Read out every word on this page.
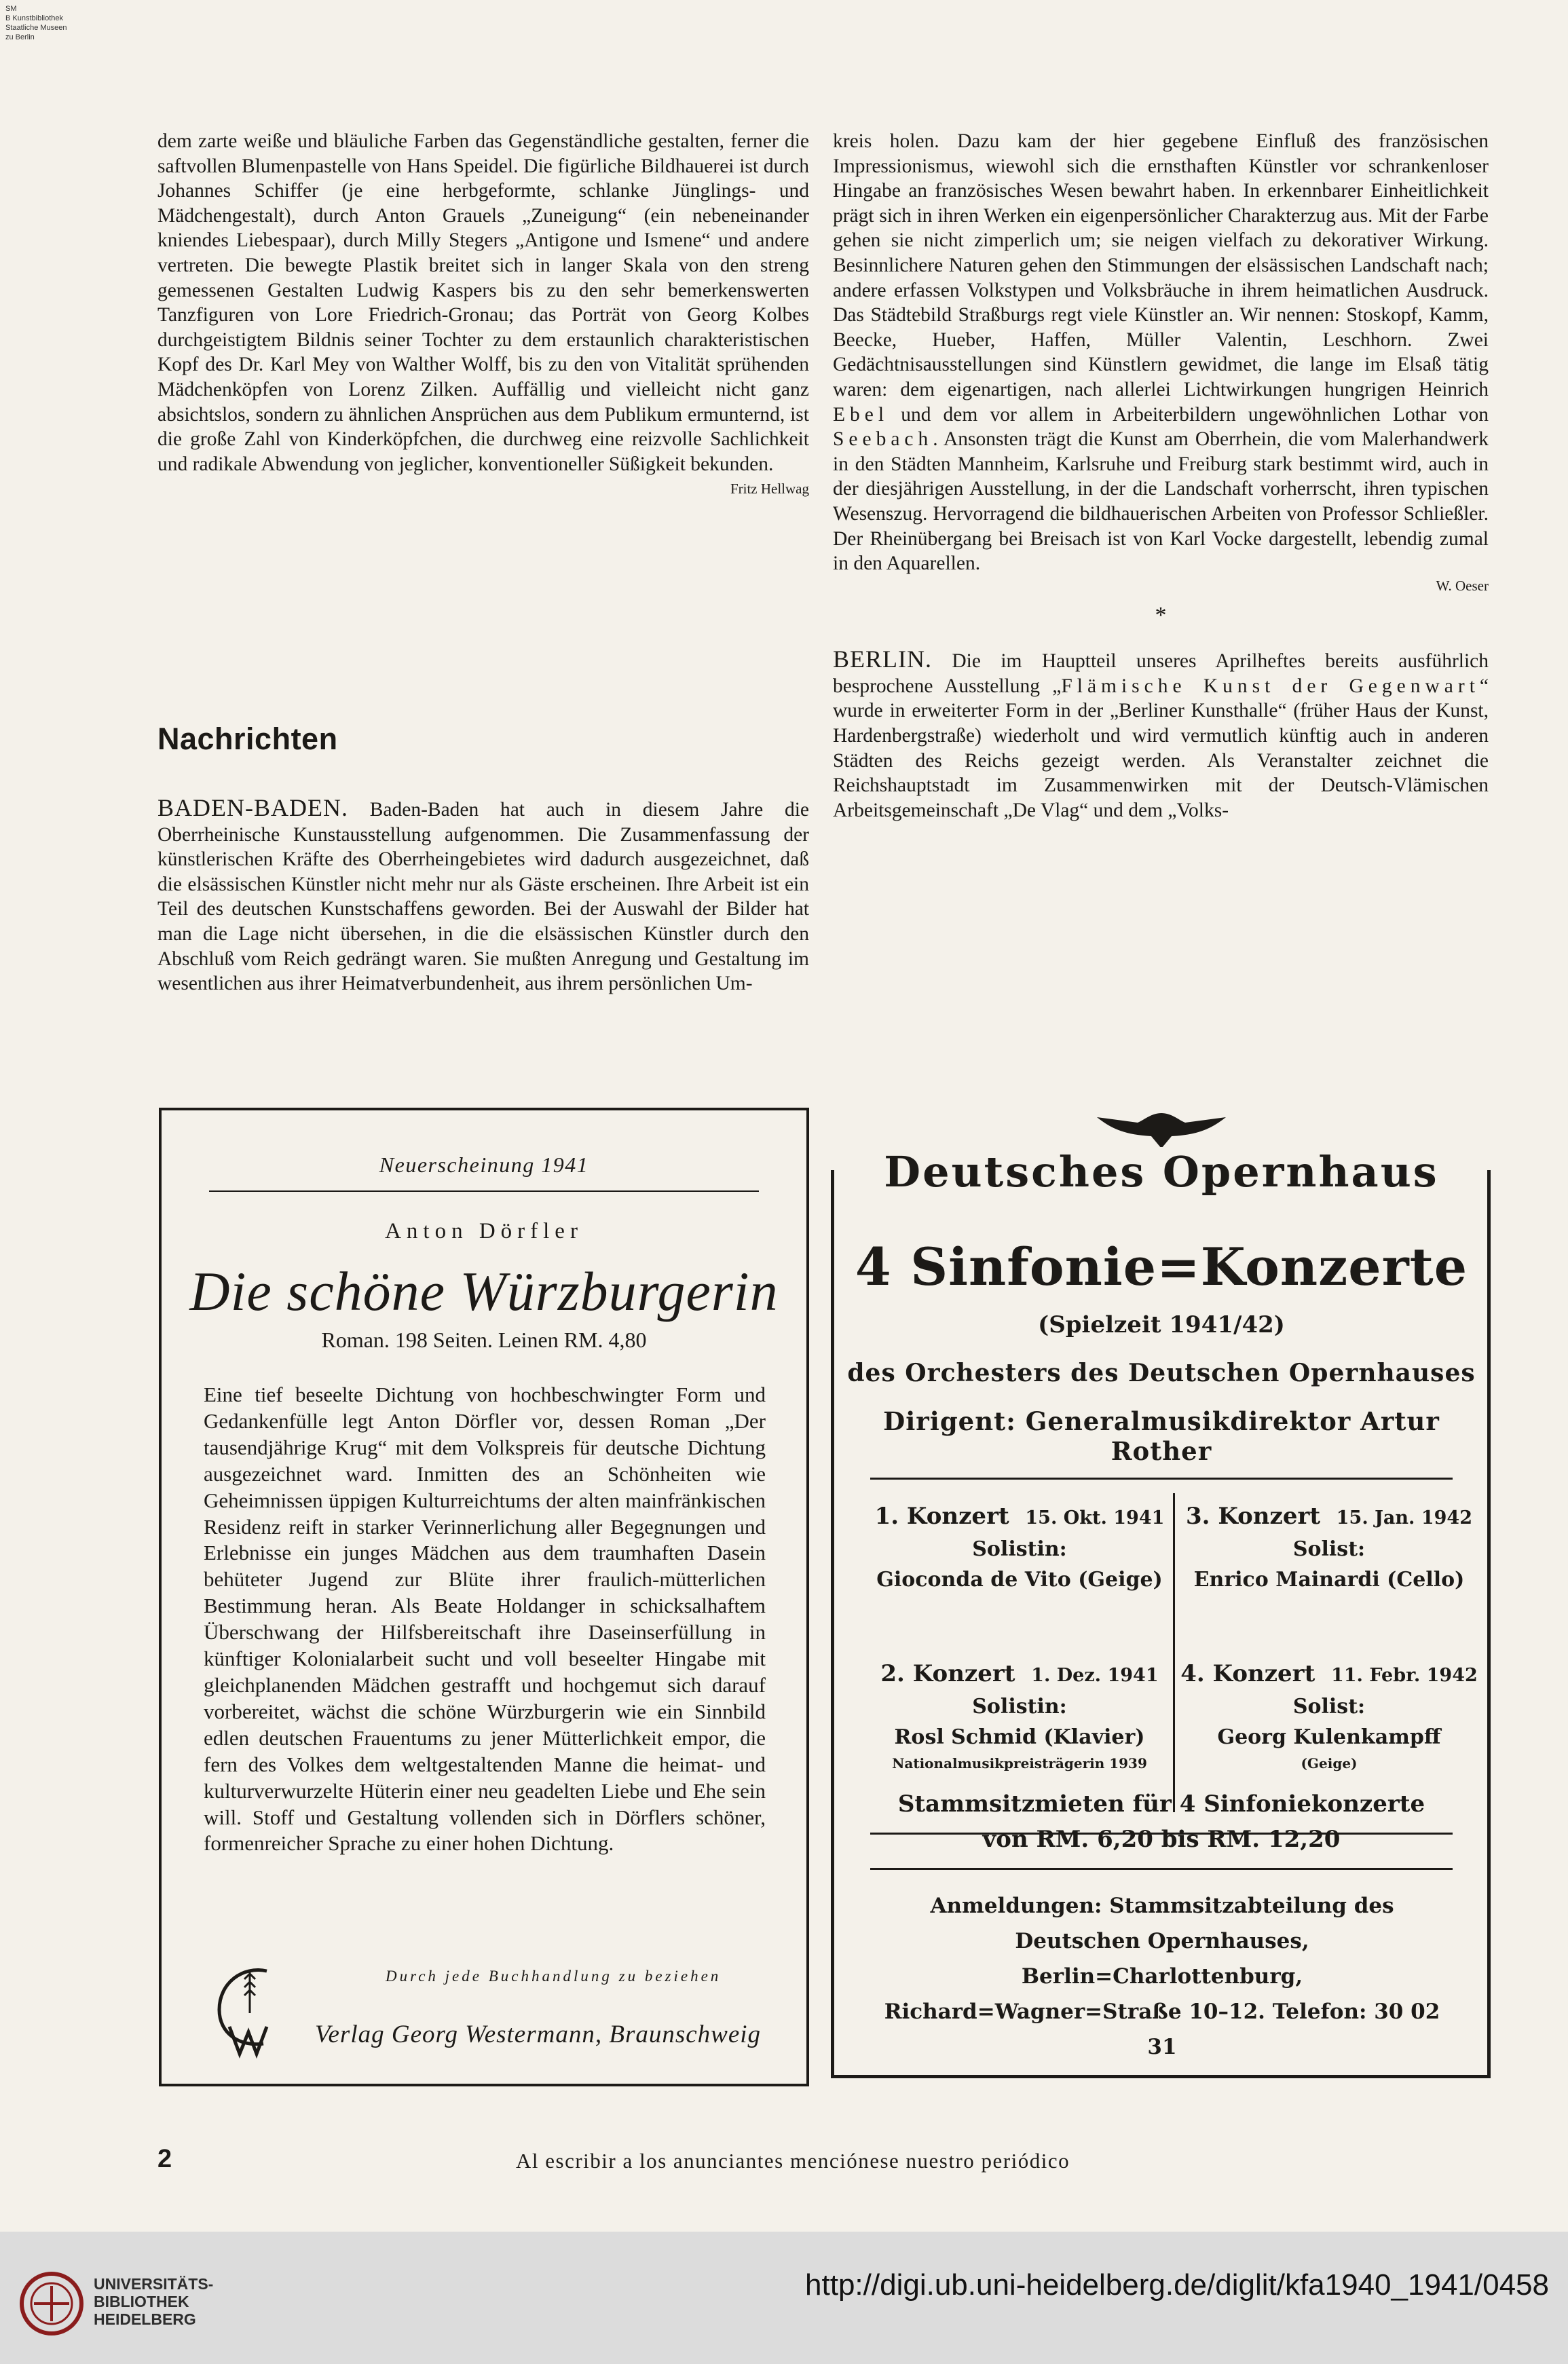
SM
B Kunstbibliothek
Staatliche Museen
zu Berlin

dem zarte weiße und bläuliche Farben das Gegenständliche gestalten, ferner die saftvollen Blumenpastelle von Hans Speidel. Die figürliche Bildhauerei ist durch Johannes Schiffer (je eine herbgeformte, schlanke Jünglings- und Mädchengestalt), durch Anton Grauels „Zuneigung“ (ein nebeneinander kniendes Liebespaar), durch Milly Stegers „Antigone und Ismene“ und andere vertreten. Die bewegte Plastik breitet sich in langer Skala von den streng gemessenen Gestalten Ludwig Kaspers bis zu den sehr bemerkenswerten Tanzfiguren von Lore Friedrich-Gronau; das Porträt von Georg Kolbes durchgeistigtem Bildnis seiner Tochter zu dem erstaunlich charakteristischen Kopf des Dr. Karl Mey von Walther Wolff, bis zu den von Vitalität sprühenden Mädchenköpfen von Lorenz Zilken. Auffällig und vielleicht nicht ganz absichtslos, sondern zu ähnlichen Ansprüchen aus dem Publikum ermunternd, ist die große Zahl von Kinderköpfchen, die durchweg eine reizvolle Sachlichkeit und radikale Abwendung von jeglicher, konventioneller Süßigkeit bekunden.
Fritz Hellwag

Nachrichten

BADEN-BADEN. Baden-Baden hat auch in diesem Jahre die Oberrheinische Kunstausstellung aufgenommen. Die Zusammenfassung der künstlerischen Kräfte des Oberrheingebietes wird dadurch ausgezeichnet, daß die elsässischen Künstler nicht mehr nur als Gäste erscheinen. Ihre Arbeit ist ein Teil des deutschen Kunstschaffens geworden. Bei der Auswahl der Bilder hat man die Lage nicht übersehen, in die die elsässischen Künstler durch den Abschluß vom Reich gedrängt waren. Sie mußten Anregung und Gestaltung im wesentlichen aus ihrer Heimatverbundenheit, aus ihrem persönlichen Um-

kreis holen. Dazu kam der hier gegebene Einfluß des französischen Impressionismus, wiewohl sich die ernsthaften Künstler vor schrankenloser Hingabe an französisches Wesen bewahrt haben. In erkennbarer Einheitlichkeit prägt sich in ihren Werken ein eigenpersönlicher Charakterzug aus. Mit der Farbe gehen sie nicht zimperlich um; sie neigen vielfach zu dekorativer Wirkung. Besinnlichere Naturen gehen den Stimmungen der elsässischen Landschaft nach; andere erfassen Volkstypen und Volksbräuche in ihrem heimatlichen Ausdruck. Das Städtebild Straßburgs regt viele Künstler an. Wir nennen: Stoskopf, Kamm, Beecke, Hueber, Haffen, Müller Valentin, Leschhorn. Zwei Gedächtnisausstellungen sind Künstlern gewidmet, die lange im Elsaß tätig waren: dem eigenartigen, nach allerlei Lichtwirkungen hungrigen Heinrich Ebel und dem vor allem in Arbeiterbildern ungewöhnlichen Lothar von Seebach. Ansonsten trägt die Kunst am Oberrhein, die vom Malerhandwerk in den Städten Mannheim, Karlsruhe und Freiburg stark bestimmt wird, auch in der diesjährigen Ausstellung, in der die Landschaft vorherrscht, ihren typischen Wesenszug. Hervorragend die bildhauerischen Arbeiten von Professor Schließler. Der Rheinübergang bei Breisach ist von Karl Vocke dargestellt, lebendig zumal in den Aquarellen.

W. Oeser
*

BERLIN. Die im Hauptteil unseres Aprilheftes bereits ausführlich besprochene Ausstellung „Flämische Kunst der Gegenwart“ wurde in erweiterter Form in der „Berliner Kunsthalle“ (früher Haus der Kunst, Hardenbergstraße) wiederholt und wird vermutlich künftig auch in anderen Städten des Reichs gezeigt werden. Als Veranstalter zeichnet die Reichshauptstadt im Zusammenwirken mit der Deutsch-Vlämischen Arbeitsgemeinschaft „De Vlag“ und dem „Volks-

Neuerscheinung 1941
Anton Dörfler
Die schöne Würzburgerin
Roman. 198 Seiten. Leinen RM. 4,80
Eine tief beseelte Dichtung von hochbeschwingter Form und Gedankenfülle legt Anton Dörfler vor, dessen Roman „Der tausendjährige Krug“ mit dem Volkspreis für deutsche Dichtung ausgezeichnet ward. Inmitten des an Schönheiten wie Geheimnissen üppigen Kulturreichtums der alten mainfränkischen Residenz reift in starker Verinnerlichung aller Begegnungen und Erlebnisse ein junges Mädchen aus dem traumhaften Dasein behüteter Jugend zur Blüte ihrer fraulich-mütterlichen Bestimmung heran. Als Beate Holdanger in schicksalhaftem Überschwang der Hilfsbereitschaft ihre Daseinserfüllung in künftiger Kolonialarbeit sucht und voll beseelter Hingabe mit gleichplanenden Mädchen gestrafft und hochgemut sich darauf vorbereitet, wächst die schöne Würzburgerin wie ein Sinnbild edlen deutschen Frauentums zu jener Mütterlichkeit empor, die fern des Volkes dem weltgestaltenden Manne die heimat- und kulturverwurzelte Hüterin einer neu geadelten Liebe und Ehe sein will. Stoff und Gestaltung vollenden sich in Dörflers schöner, formenreicher Sprache zu einer hohen Dichtung.
Durch jede Buchhandlung zu beziehen
Verlag Georg Westermann, Braunschweig
Deutsches Opernhaus
4 Sinfonie=Konzerte
(Spielzeit 1941/42)
des Orchesters des Deutschen Opernhauses
Dirigent: Generalmusikdirektor Artur Rother
1. Konzert 15. Okt. 1941
Solistin:
Gioconda de Vito (Geige)
3. Konzert 15. Jan. 1942
Solist:
Enrico Mainardi (Cello)
2. Konzert 1. Dez. 1941
Solistin:
Rosl Schmid (Klavier)
Nationalmusikpreisträgerin 1939
4. Konzert 11. Febr. 1942
Solist:
Georg Kulenkampff
(Geige)
Stammsitzmieten für 4 Sinfoniekonzerte
von RM. 6,20 bis RM. 12,20
Anmeldungen: Stammsitzabteilung des Deutschen Opernhauses, Berlin=Charlottenburg, Richard=Wagner=Straße 10–12. Telefon: 30 02 31
2	Al escribir a los anunciantes menciónese nuestro periódico
UNIVERSITÄTS-
BIBLIOTHEK
HEIDELBERG
http://digi.ub.uni-heidelberg.de/diglit/kfa1940_1941/0458
